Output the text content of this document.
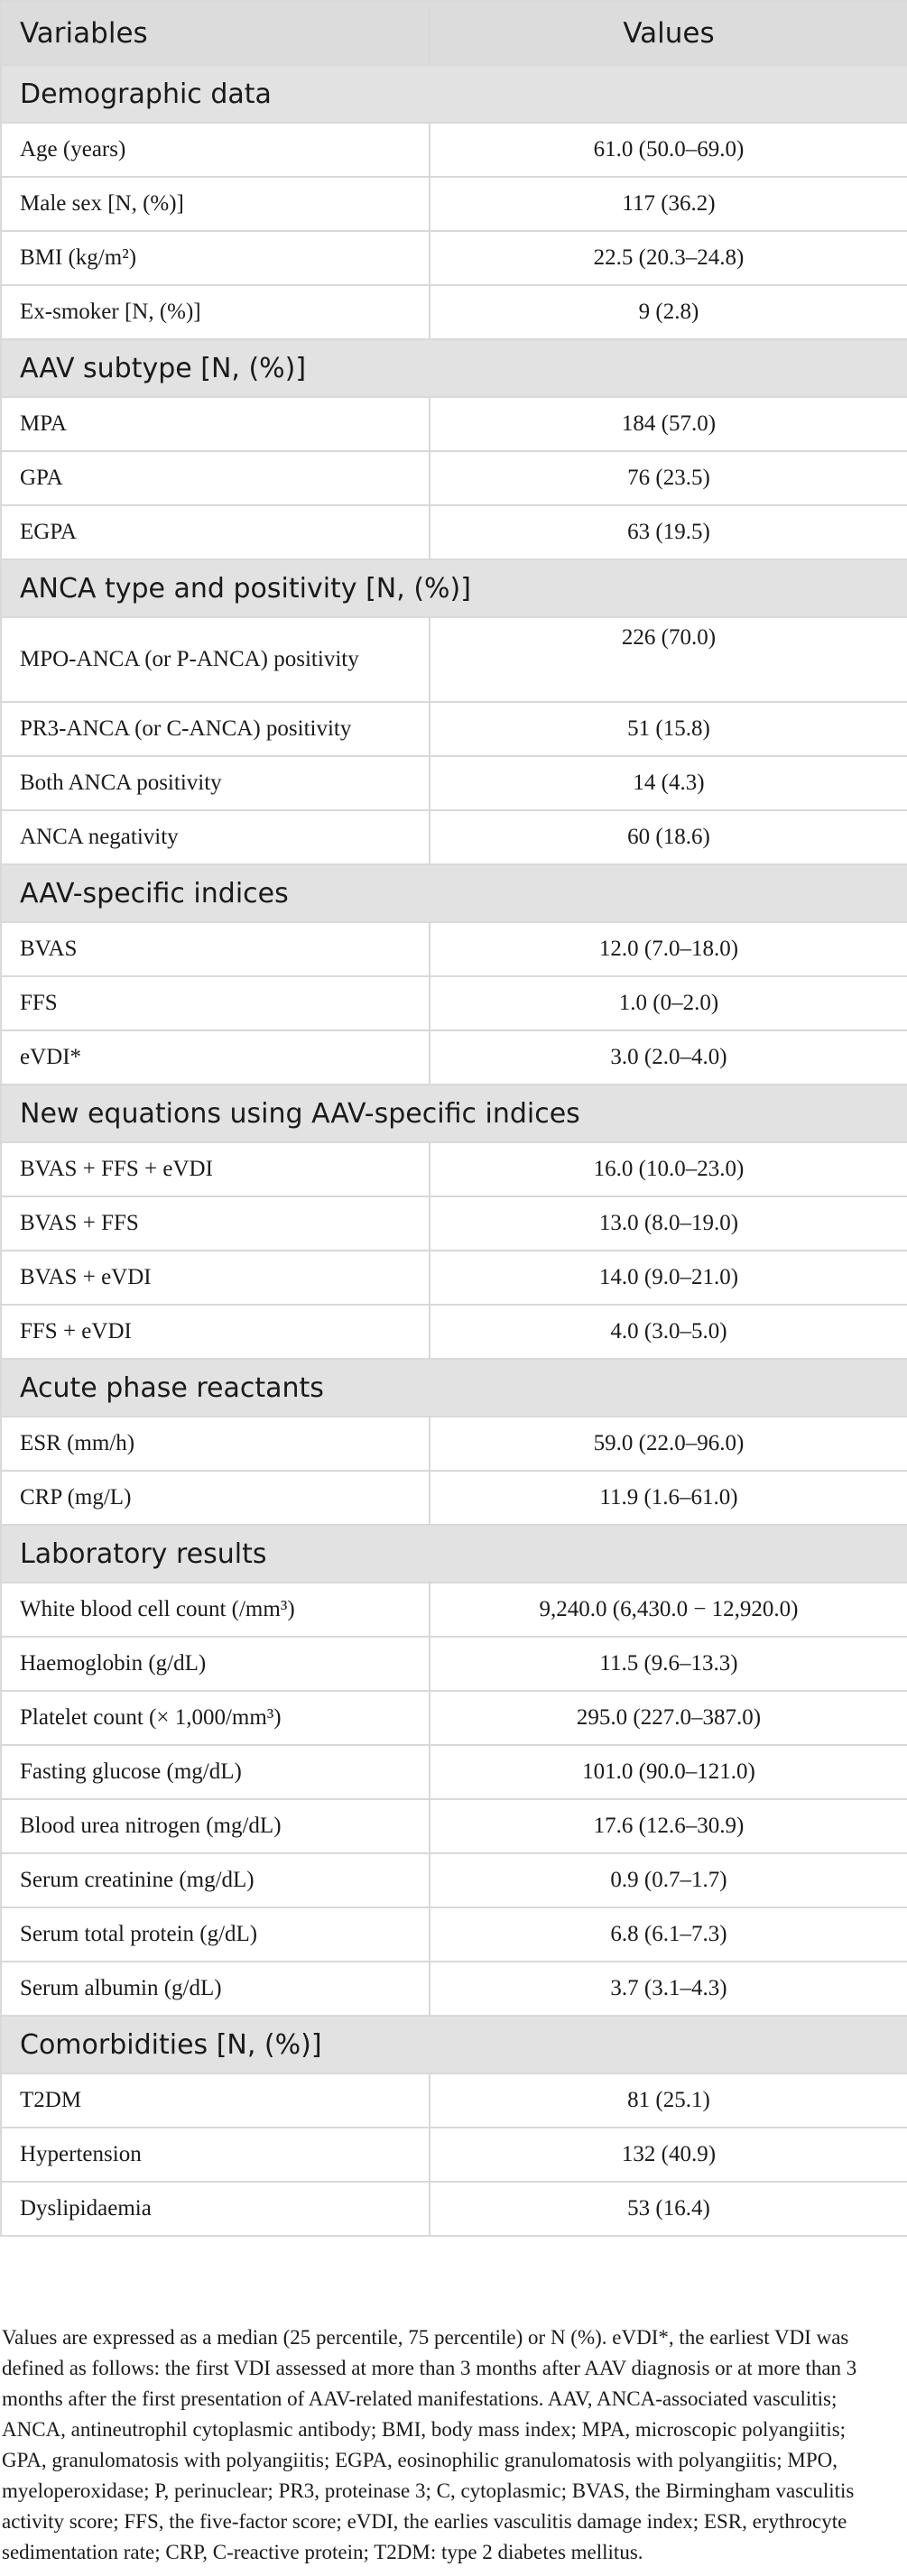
Variables	Values
Demographic data	
Age (years)	61.0 (50.0–69.0)
Male sex [N, (%)]	117 (36.2)
BMI (kg/m²)	22.5 (20.3–24.8)
Ex-smoker [N, (%)]	9 (2.8)
AAV subtype [N, (%)]	
MPA	184 (57.0)
GPA	76 (23.5)
EGPA	63 (19.5)
ANCA type and positivity [N, (%)]	
MPO-ANCA (or P-ANCA) positivity	226 (70.0)
PR3-ANCA (or C-ANCA) positivity	51 (15.8)
Both ANCA positivity	14 (4.3)
ANCA negativity	60 (18.6)
AAV-specific indices	
BVAS	12.0 (7.0–18.0)
FFS	1.0 (0–2.0)
eVDI*	3.0 (2.0–4.0)
New equations using AAV-specific indices	
BVAS + FFS + eVDI	16.0 (10.0–23.0)
BVAS + FFS	13.0 (8.0–19.0)
BVAS + eVDI	14.0 (9.0–21.0)
FFS + eVDI	4.0 (3.0–5.0)
Acute phase reactants	
ESR (mm/h)	59.0 (22.0–96.0)
CRP (mg/L)	11.9 (1.6–61.0)
Laboratory results	
White blood cell count (/mm³)	9,240.0 (6,430.0 − 12,920.0)
Haemoglobin (g/dL)	11.5 (9.6–13.3)
Platelet count (× 1,000/mm³)	295.0 (227.0–387.0)
Fasting glucose (mg/dL)	101.0 (90.0–121.0)
Blood urea nitrogen (mg/dL)	17.6 (12.6–30.9)
Serum creatinine (mg/dL)	0.9 (0.7–1.7)
Serum total protein (g/dL)	6.8 (6.1–7.3)
Serum albumin (g/dL)	3.7 (3.1–4.3)
Comorbidities [N, (%)]	
T2DM	81 (25.1)
Hypertension	132 (40.9)
Dyslipidaemia	53 (16.4)
Values are expressed as a median (25 percentile, 75 percentile) or N (%). eVDI*, the earliest VDI was defined as follows: the first VDI assessed at more than 3 months after AAV diagnosis or at more than 3 months after the first presentation of AAV-related manifestations. AAV, ANCA-associated vasculitis; ANCA, antineutrophil cytoplasmic antibody; BMI, body mass index; MPA, microscopic polyangiitis; GPA, granulomatosis with polyangiitis; EGPA, eosinophilic granulomatosis with polyangiitis; MPO, myeloperoxidase; P, perinuclear; PR3, proteinase 3; C, cytoplasmic; BVAS, the Birmingham vasculitis activity score; FFS, the five-factor score; eVDI, the earlies vasculitis damage index; ESR, erythrocyte sedimentation rate; CRP, C-reactive protein; T2DM: type 2 diabetes mellitus.
